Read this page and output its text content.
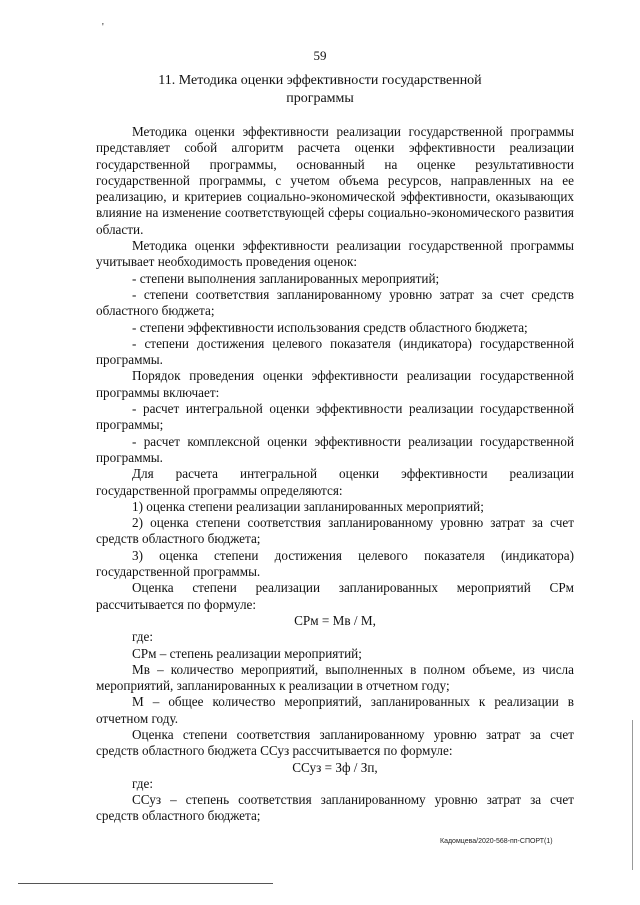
'
59
11. Методика оценки эффективности государственной
программы

Методика оценки эффективности реализации государственной программы представляет собой алгоритм расчета оценки эффективности реализации государственной программы, основанный на оценке результативности государственной программы, с учетом объема ресурсов, направленных на ее реализацию, и критериев социально-экономической эффективности, оказывающих влияние на изменение соответствующей сферы социально-экономического развития области.

Методика оценки эффективности реализации государственной программы учитывает необходимость проведения оценок:

- степени выполнения запланированных мероприятий;

- степени соответствия запланированному уровню затрат за счет средств областного бюджета;

- степени эффективности использования средств областного бюджета;

- степени достижения целевого показателя (индикатора) государственной программы.

Порядок проведения оценки эффективности реализации государственной программы включает:

- расчет интегральной оценки эффективности реализации государственной программы;

- расчет комплексной оценки эффективности реализации государственной программы.

Для расчета интегральной оценки эффективности реализации государственной программы определяются:

1) оценка степени реализации запланированных мероприятий;

2) оценка степени соответствия запланированному уровню затрат за счет средств областного бюджета;

3) оценка степени достижения целевого показателя (индикатора) государственной программы.

Оценка степени реализации запланированных мероприятий СРм рассчитывается по формуле:

СРм = Мв / М,

где:

СРм – степень реализации мероприятий;

Мв – количество мероприятий, выполненных в полном объеме, из числа мероприятий, запланированных к реализации в отчетном году;

М – общее количество мероприятий, запланированных к реализации в отчетном году.

Оценка степени соответствия запланированному уровню затрат за счет средств областного бюджета ССуз рассчитывается по формуле:

ССуз = Зф / Зп,

где:

ССуз – степень соответствия запланированному уровню затрат за счет средств областного бюджета;

Кадомцева/2020-568-пп-СПОРТ(1)
